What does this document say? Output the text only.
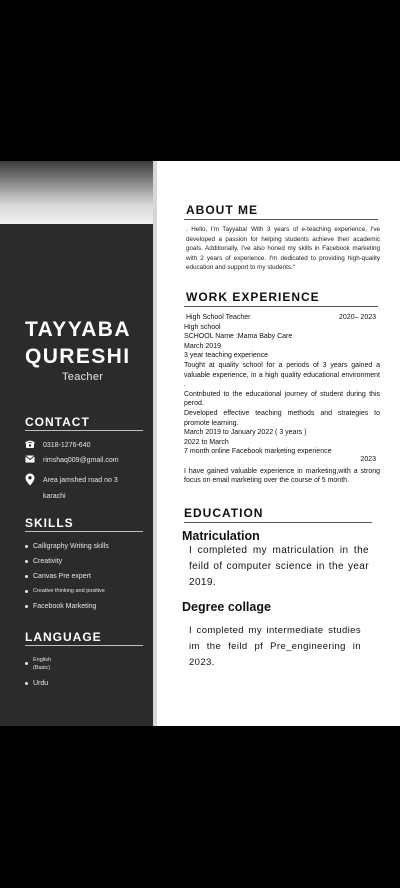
TAYYABA
QURESHI
Teacher
CONTACT
0318-1276-640
rimshaq009@gmail.com
Area jamshed road no 3
karachi
SKILLS
Calligraphy Writing skills
Creativity
Canvas Pre expert
Creative thinking and positive
Facebook Marketing
LANGUAGE
English (Basic)
Urdu
ABOUT ME
. Hello, I'm Tayyaba! With 3 years of e-teaching experience, I've developed a passion for helping students achieve their academic goals. Additionally, I've also honed my skills in Facebook marketing with 2 years of experience. I'm dedicated to providing high-quality education and support to my students."
WORK EXPERIENCE
High School Teacher	2020– 2023
High school
SCHOOL Name :Mama Baby Care
March 2019
3 year teaching experience
Tought at quality school for a periods of 3 years gained a valuable experience, in a high quality educational environment .
Contributed to the educational journey of student during this perod.
Developed effective teaching methods and strategies to promote learning.
March 2019 to January 2022 ( 3 years )
2022 to March
7 month online Facebook marketing experience
2023
I have gained valuable experience in marketing,with a strong focus on email marketing over the course of 5 month.
EDUCATION
Matriculation
I completed my matriculation in the feild of computer science in the year 2019.
Degree collage
I completed my intermediate studies im the feild pf Pre_engineering in 2023.
